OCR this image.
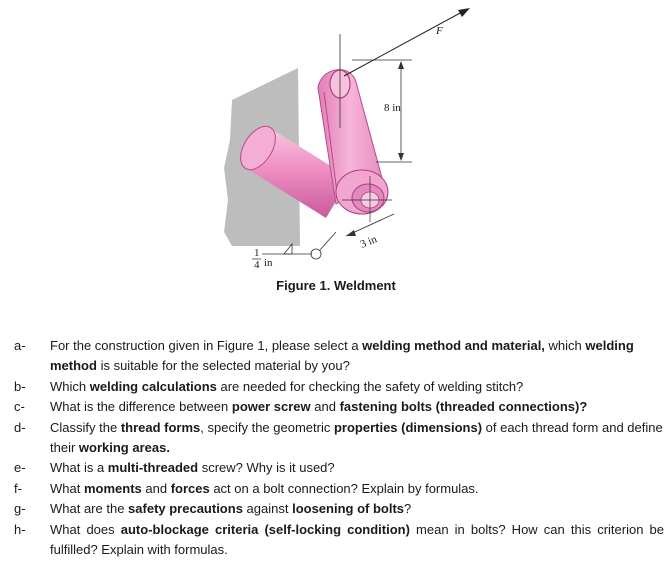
F
8 in
3 in
1
4 in
Figure 1. Weldment
a-	For the construction given in Figure 1, please select a welding method and material, which welding method is suitable for the selected material by you?
b-	Which welding calculations are needed for checking the safety of welding stitch?
c-	What is the difference between power screw and fastening bolts (threaded connections)?
d-	Classify the thread forms, specify the geometric properties (dimensions) of each thread form and define their working areas.
e-	What is a multi-threaded screw? Why is it used?
f-	What moments and forces act on a bolt connection? Explain by formulas.
g-	What are the safety precautions against loosening of bolts?
h-	What does auto-blockage criteria (self-locking condition) mean in bolts? How can this criterion be fulfilled? Explain with formulas.
